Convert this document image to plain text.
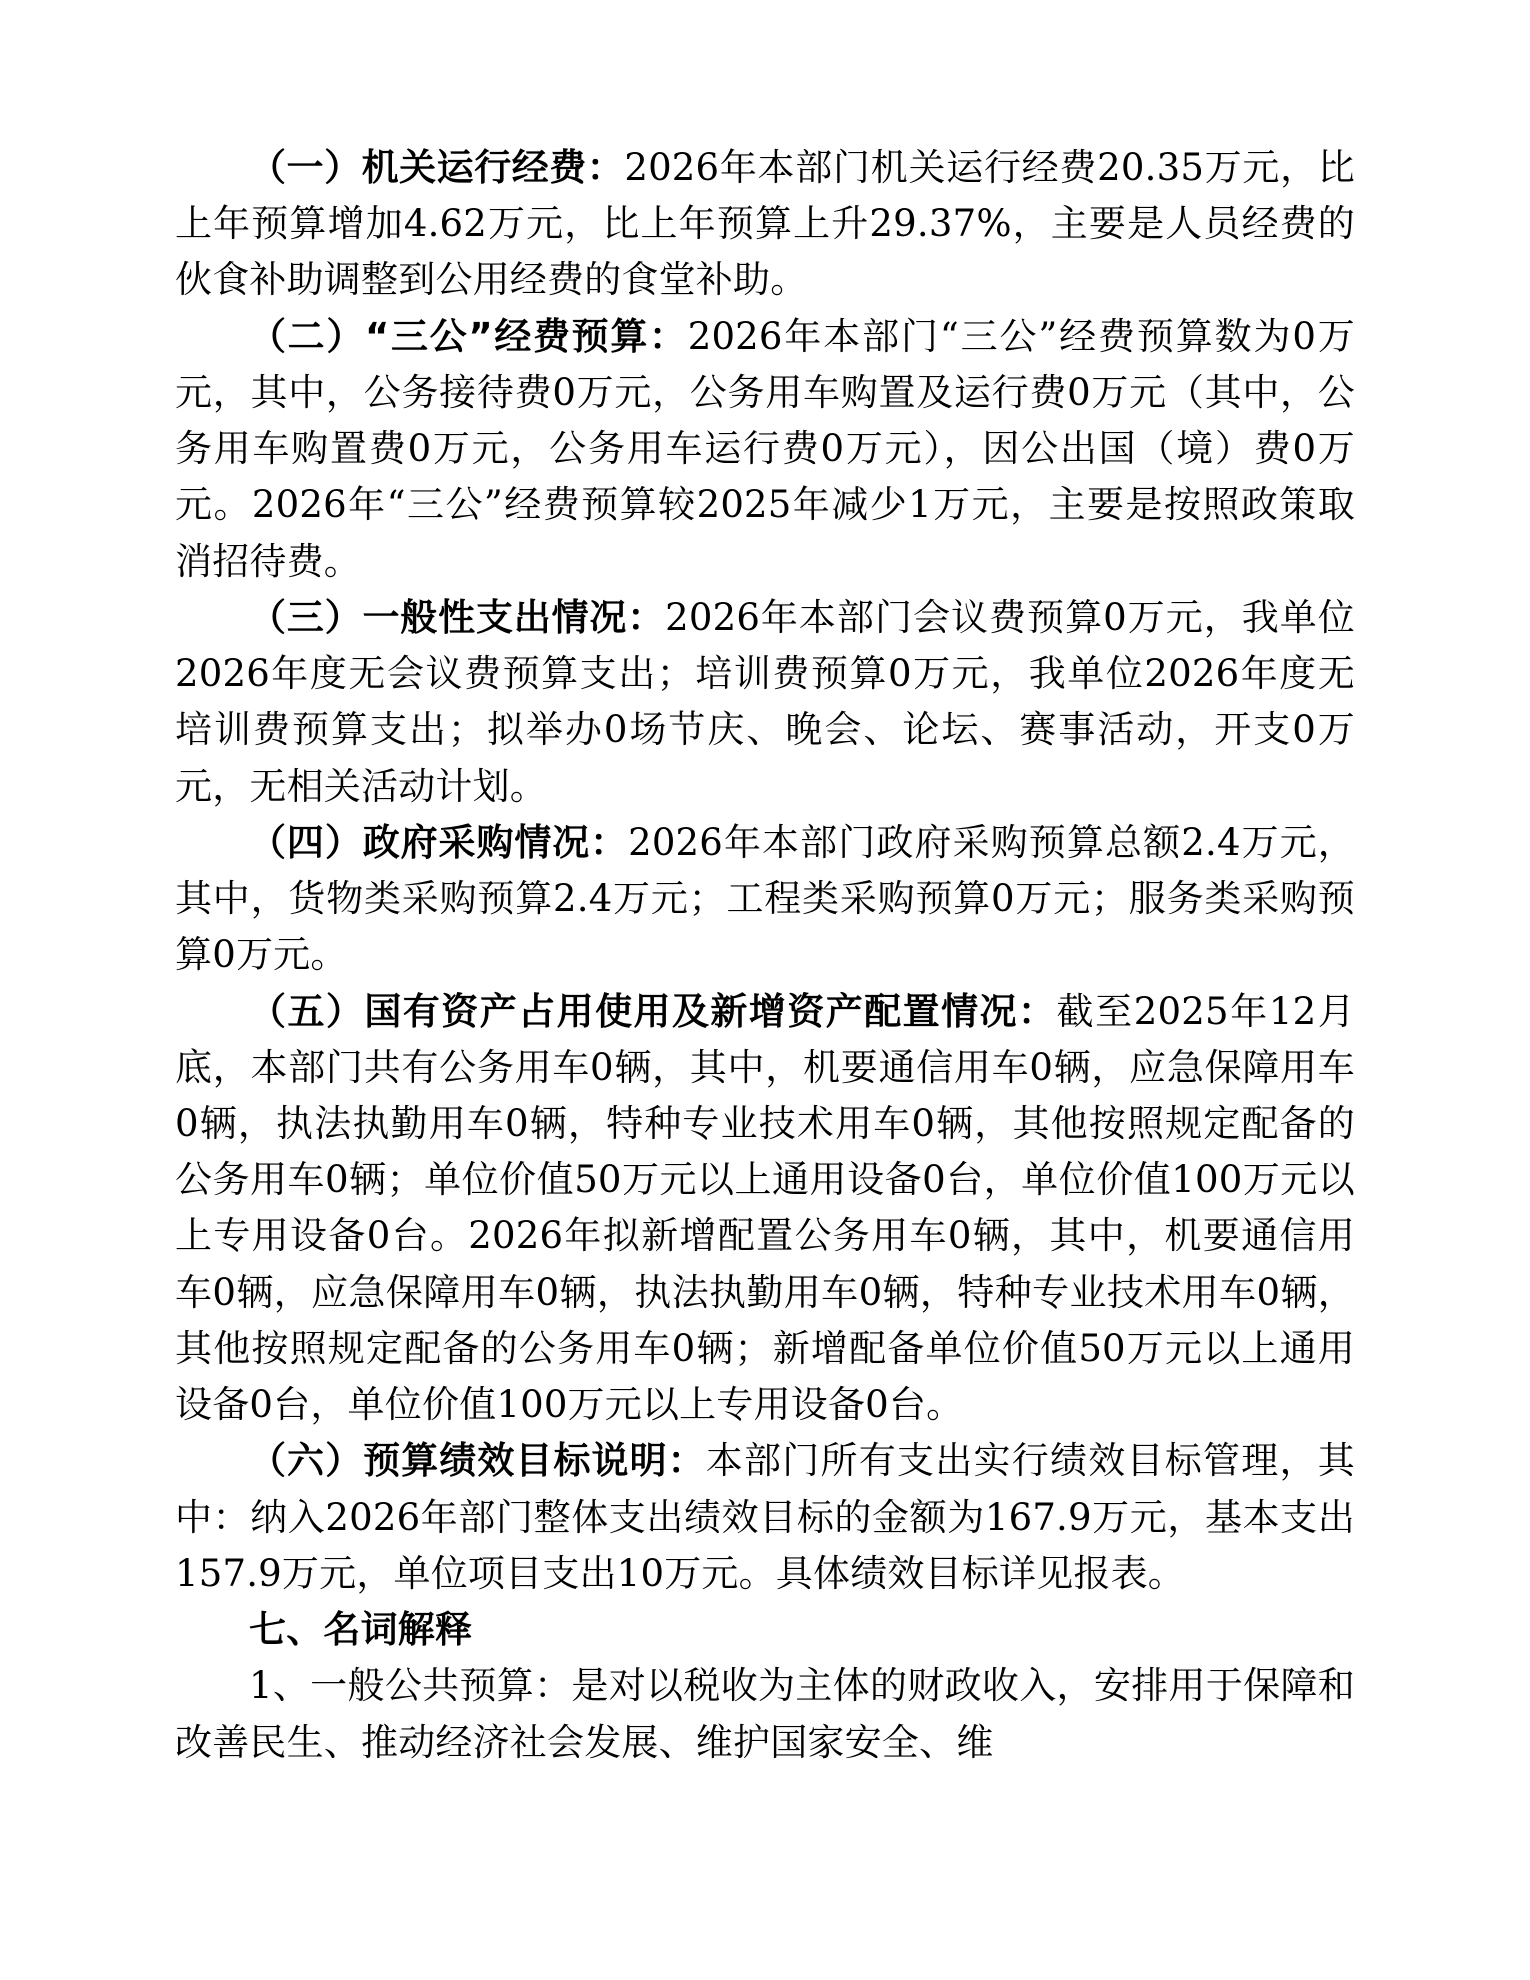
（一）机关运行经费：2026年本部门机关运行经费20.35万元，比上年预算增加4.62万元，比上年预算上升29.37%，主要是人员经费的伙食补助调整到公用经费的食堂补助。

（二）“三公”经费预算：2026年本部门“三公”经费预算数为0万元，其中，公务接待费0万元，公务用车购置及运行费0万元（其中，公务用车购置费0万元，公务用车运行费0万元），因公出国（境）费0万元。2026年“三公”经费预算较2025年减少1万元，主要是按照政策取消招待费。

（三）一般性支出情况：2026年本部门会议费预算0万元，我单位2026年度无会议费预算支出；培训费预算0万元，我单位2026年度无培训费预算支出；拟举办0场节庆、晚会、论坛、赛事活动，开支0万元，无相关活动计划。

（四）政府采购情况：2026年本部门政府采购预算总额2.4万元，其中，货物类采购预算2.4万元；工程类采购预算0万元；服务类采购预算0万元。

（五）国有资产占用使用及新增资产配置情况：截至2025年12月底，本部门共有公务用车0辆，其中，机要通信用车0辆，应急保障用车0辆，执法执勤用车0辆，特种专业技术用车0辆，其他按照规定配备的公务用车0辆；单位价值50万元以上通用设备0台，单位价值100万元以上专用设备0台。2026年拟新增配置公务用车0辆，其中，机要通信用车0辆，应急保障用车0辆，执法执勤用车0辆，特种专业技术用车0辆，其他按照规定配备的公务用车0辆；新增配备单位价值50万元以上通用设备0台，单位价值100万元以上专用设备0台。

（六）预算绩效目标说明：本部门所有支出实行绩效目标管理，其中：纳入2026年部门整体支出绩效目标的金额为167.9万元，基本支出157.9万元，单位项目支出10万元。具体绩效目标详见报表。

七、名词解释

1、一般公共预算：是对以税收为主体的财政收入，安排用于保障和改善民生、推动经济社会发展、维护国家安全、维
